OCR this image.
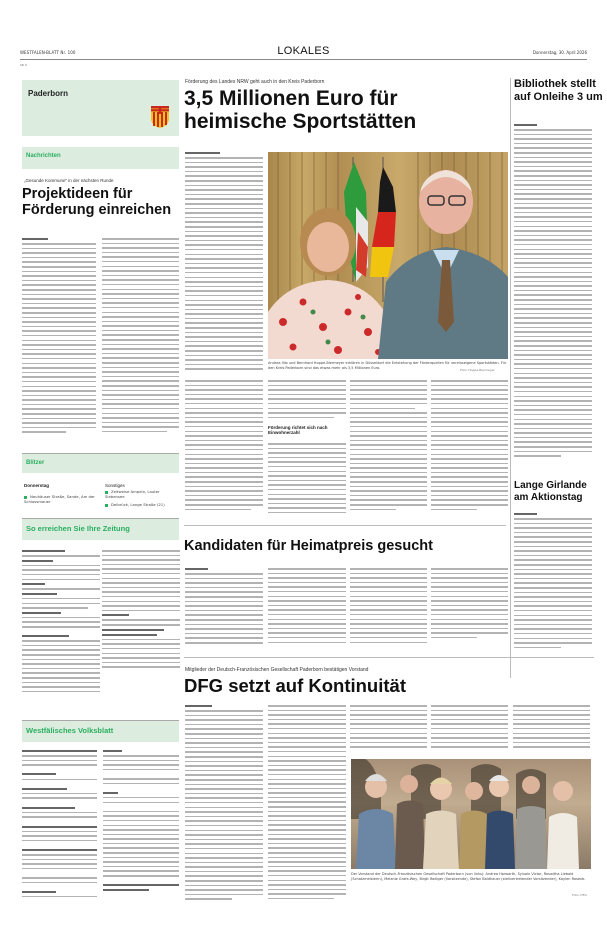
WESTFALEN-BLATT Nr. 100	LOKALES	Donnerstag, 30. April 2026
16 ↕
Paderborn
Nachrichten
„Gesunde Kommune“ in der nächsten Runde
Projektideen für Förderung einreichen
Blitzer
Donnerstag
Neuhäuser Straße, Sande, Am der Schlossmauer
Sonstiges
Zeitweise Ampeln, Lauter Siebensee
Delbrück, Lange Straße (21)
So erreichen Sie Ihre Zeitung
Westfälisches Volksblatt
Förderung des Landes NRW geht auch in den Kreis Paderborn
3,5 Millionen Euro für heimische Sportstätten
Andrea Illlo und Bernhard Hoppe-Biermeyer erklären in Düsseldorf die Entstehung der Förderquellen für vereinseigene Sportstätten. Für den Kreis Paderborn sind das etwas mehr als 3,5 Millionen Euro.
Foto: Hoppe-Biermeyer
Förderung richtet sich nach Einwohnerzahl
Kandidaten für Heimatpreis gesucht
Mitglieder der Deutsch-Französischen Gesellschaft Paderborn bestätigen Vorstand
DFG setzt auf Kontinuität
Der Vorstand der Deutsch-Französischen Gesellschaft Paderborn (von links): Andrea Horwarth, Sylvain Victor, Roswitha Liebald (Schatzmeisterin), Melanie Grafe-Wey, Birgit Rodiger (Vorsitzende), Stefan Baldhauer (stellvertretender Vorsitzender), Kaylen Rosenb.
Foto: DFG
Bibliothek stellt auf Onleihe 3 um
Lange Girlande am Aktionstag
